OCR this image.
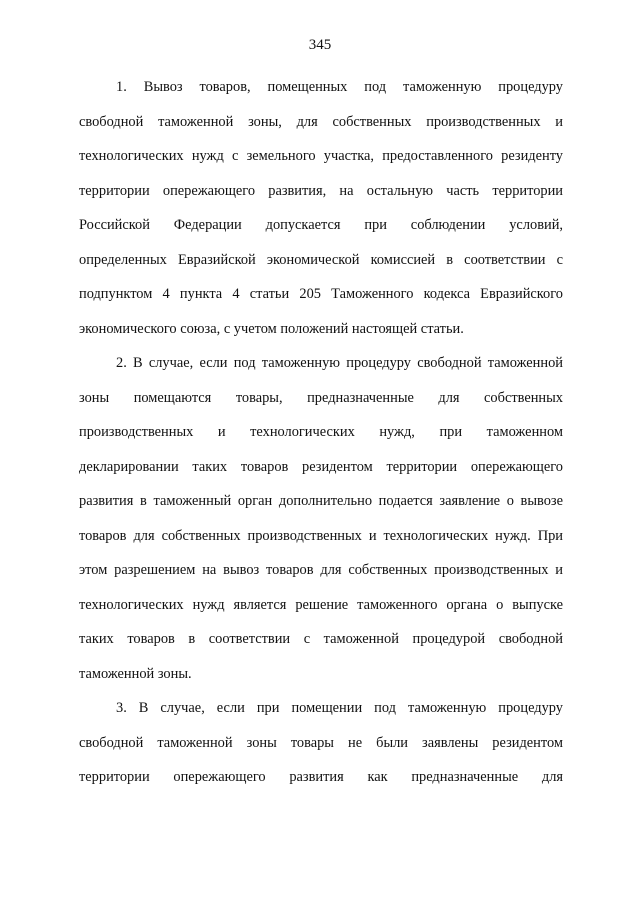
345
1. Вывоз товаров, помещенных под таможенную процедуру
свободной таможенной зоны, для собственных производственных и
технологических нужд с земельного участка, предоставленного резиденту
территории опережающего развития, на остальную часть территории
Российской Федерации допускается при соблюдении условий,
определенных Евразийской экономической комиссией в соответствии с
подпунктом 4 пункта 4 статьи 205 Таможенного кодекса Евразийского
экономического союза, с учетом положений настоящей статьи.
2. В случае, если под таможенную процедуру свободной таможенной
зоны помещаются товары, предназначенные для собственных
производственных и технологических нужд, при таможенном
декларировании таких товаров резидентом территории опережающего
развития в таможенный орган дополнительно подается заявление о вывозе
товаров для собственных производственных и технологических нужд. При
этом разрешением на вывоз товаров для собственных производственных и
технологических нужд является решение таможенного органа о выпуске
таких товаров в соответствии с таможенной процедурой свободной
таможенной зоны.
3. В случае, если при помещении под таможенную процедуру
свободной таможенной зоны товары не были заявлены резидентом
территории опережающего развития как предназначенные для
